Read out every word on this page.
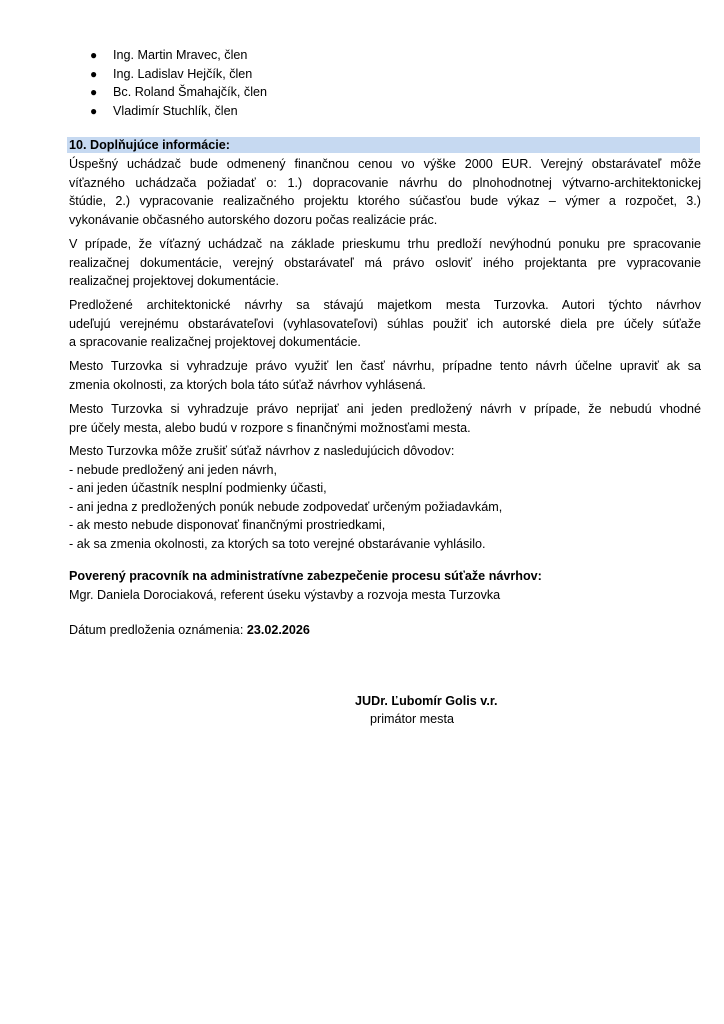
● Ing. Martin Mravec, člen
● Ing. Ladislav Hejčík, člen
● Bc. Roland Šmahajčík, člen
● Vladimír Stuchlík, člen
10. Doplňujúce informácie:

Úspešný uchádzač bude odmenený finančnou cenou vo výške 2000 EUR. Verejný obstarávateľ môže
víťazného uchádzača požiadať o: 1.) dopracovanie návrhu do plnohodnotnej výtvarno-architektonickej
štúdie, 2.) vypracovanie realizačného projektu ktorého súčasťou bude výkaz – výmer a rozpočet, 3.)
vykonávanie občasného autorského dozoru počas realizácie prác.

V prípade, že víťazný uchádzač na základe prieskumu trhu predloží nevýhodnú ponuku pre spracovanie
realizačnej dokumentácie, verejný obstarávateľ má právo osloviť iného projektanta pre vypracovanie
realizačnej projektovej dokumentácie.

Predložené architektonické návrhy sa stávajú majetkom mesta Turzovka. Autori týchto návrhov
udeľujú verejnému obstarávateľovi (vyhlasovateľovi) súhlas použiť ich autorské diela pre účely súťaže
a spracovanie realizačnej projektovej dokumentácie.

Mesto Turzovka si vyhradzuje právo využiť len časť návrhu, prípadne tento návrh účelne upraviť ak sa
zmenia okolnosti, za ktorých bola táto súťaž návrhov vyhlásená.

Mesto Turzovka si vyhradzuje právo neprijať ani jeden predložený návrh v prípade, že nebudú vhodné
pre účely mesta, alebo budú v rozpore s finančnými možnosťami mesta.

Mesto Turzovka môže zrušiť súťaž návrhov z nasledujúcich dôvodov:
- nebude predložený ani jeden návrh,
- ani jeden účastník nesplní podmienky účasti,
- ani jedna z predložených ponúk nebude zodpovedať určeným požiadavkám,
- ak mesto nebude disponovať finančnými prostriedkami,
- ak sa zmenia okolnosti, za ktorých sa toto verejné obstarávanie vyhlásilo.
Poverený pracovník na administratívne zabezpečenie procesu súťaže návrhov:
Mgr. Daniela Dorociaková, referent úseku výstavby a rozvoja mesta Turzovka
Dátum predloženia oznámenia: 23.02.2026
JUDr. Ľubomír Golis v.r.
primátor mesta
